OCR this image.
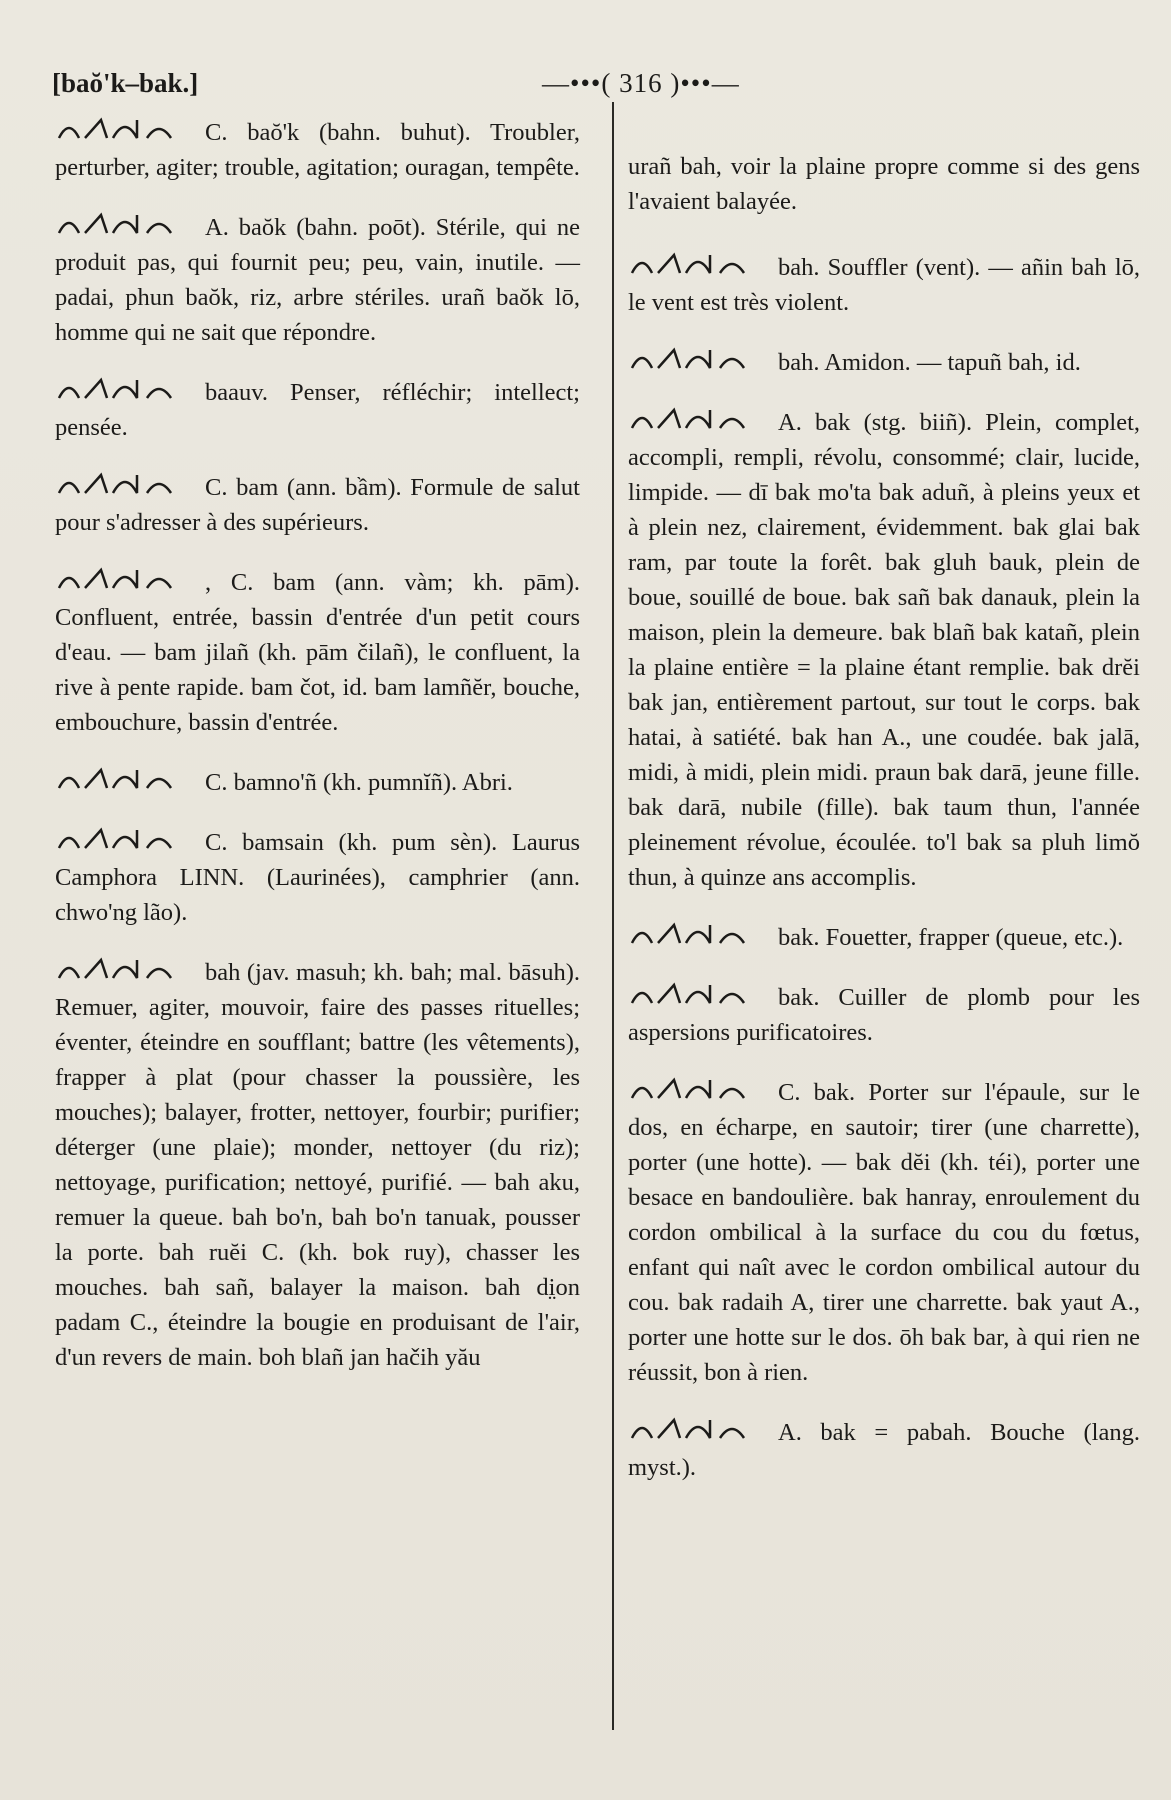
[baŏ'k–bak.]	—•••( 316 )•••—

C. baŏ'k (bahn. buhut). Troubler, perturber, agiter; trouble, agitation; ouragan, tempête.

A. baŏk (bahn. poōt). Stérile, qui ne produit pas, qui fournit peu; peu, vain, inutile. — padai, phun baŏk, riz, arbre stériles. urañ baŏk lō, homme qui ne sait que répondre.

baauv. Penser, réfléchir; intellect; pensée.

C. bam (ann. bầm). Formule de salut pour s'adresser à des supérieurs.

, C. bam (ann. vàm; kh. pām). Confluent, entrée, bassin d'entrée d'un petit cours d'eau. — bam jilañ (kh. pām čilañ), le confluent, la rive à pente rapide. bam čot, id. bam lamñĕr, bouche, embouchure, bassin d'entrée.

C. bamno'ñ (kh. pumnĭñ). Abri.

C. bamsain (kh. pum sèn). Laurus Camphora LINN. (Laurinées), camphrier (ann. chwo'ng lão).

bah (jav. masuh; kh. bah; mal. bāsuh). Remuer, agiter, mouvoir, faire des passes rituelles; éventer, éteindre en soufflant; battre (les vêtements), frapper à plat (pour chasser la poussière, les mouches); balayer, frotter, nettoyer, fourbir; purifier; déterger (une plaie); monder, nettoyer (du riz); nettoyage, purification; nettoyé, purifié. — bah aku, remuer la queue. bah bo'n, bah bo'n tanuak, pousser la porte. bah ruĕi C. (kh. bok ruy), chasser les mouches. bah sañ, balayer la maison. bah di̤on padam C., éteindre la bougie en produisant de l'air, d'un revers de main. boh blañ jan hačih yău

urañ bah, voir la plaine propre comme si des gens l'avaient balayée.

bah. Souffler (vent). — añin bah lō, le vent est très violent.

bah. Amidon. — tapuñ bah, id.

A. bak (stg. biiñ). Plein, complet, accompli, rempli, révolu, consommé; clair, lucide, limpide. — dī bak mo'ta bak aduñ, à pleins yeux et à plein nez, clairement, évidemment. bak glai bak ram, par toute la forêt. bak gluh bauk, plein de boue, souillé de boue. bak sañ bak danauk, plein la maison, plein la demeure. bak blañ bak katañ, plein la plaine entière = la plaine étant remplie. bak drĕi bak jan, entièrement partout, sur tout le corps. bak hatai, à satiété. bak han A., une coudée. bak jalā, midi, à midi, plein midi. praun bak darā, jeune fille. bak darā, nubile (fille). bak taum thun, l'année pleinement révolue, écoulée. to'l bak sa pluh limŏ thun, à quinze ans accomplis.

bak. Fouetter, frapper (queue, etc.).

bak. Cuiller de plomb pour les aspersions purificatoires.

C. bak. Porter sur l'épaule, sur le dos, en écharpe, en sautoir; tirer (une charrette), porter (une hotte). — bak dĕi (kh. téi), porter une besace en bandoulière. bak hanray, enroulement du cordon ombilical à la surface du cou du fœtus, enfant qui naît avec le cordon ombilical autour du cou. bak radaih A, tirer une charrette. bak yaut A., porter une hotte sur le dos. ōh bak bar, à qui rien ne réussit, bon à rien.

A. bak = pabah. Bouche (lang. myst.).
